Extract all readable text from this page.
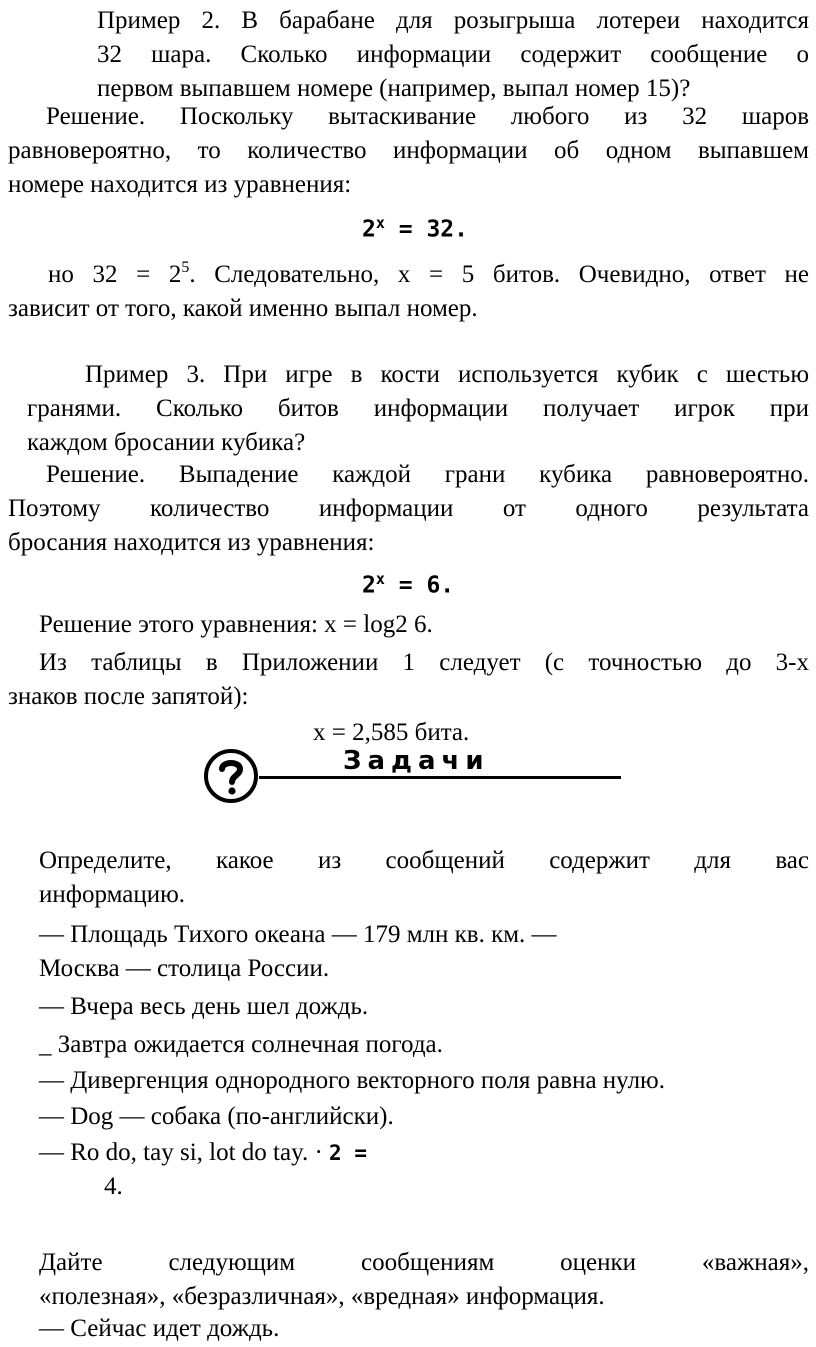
Пример 2. В барабане для розыгрыша лотереи находится
32 шара. Сколько информации содержит сообщение о
первом выпавшем номере (например, выпал номер 15)?
Решение. Поскольку вытаскивание любого из 32 шаров
равновероятно, то количество информации об одном выпавшем
номере находится из уравнения:
$2^x = 32$.
но $32 = 2^5$. Следовательно, x = 5 битов. Очевидно, ответ не
зависит от того, какой именно выпал номер.
Пример 3. При игре в кости используется кубик с шестью
гранями. Сколько битов информации получает игрок при
каждом бросании кубика?
Решение. Выпадение каждой грани кубика равновероятно.
Поэтому количество информации от одного результата
бросания находится из уравнения:
$2^x = 6$.
Решение этого уравнения: x = log2 6.
Из таблицы в Приложении 1 следует (с точностью до 3-х
знаков после запятой):
x = 2,585 бита.
Задачи
Определите, какое из сообщений содержит для вас
информацию.
— Площадь Тихого океана — 179 млн кв. км. —
Москва — столица России.
— Вчера весь день шел дождь.
_ Завтра ожидается солнечная погода.
— Дивергенция однородного векторного поля равна нулю.
— Dog — собака (по-английски).
— Ro do, tay si, lot do tay. · 2 =
4.
Дайте следующим сообщениям оценки «важная»,
«полезная», «безразличная», «вредная» информация.
— Сейчас идет дождь.
